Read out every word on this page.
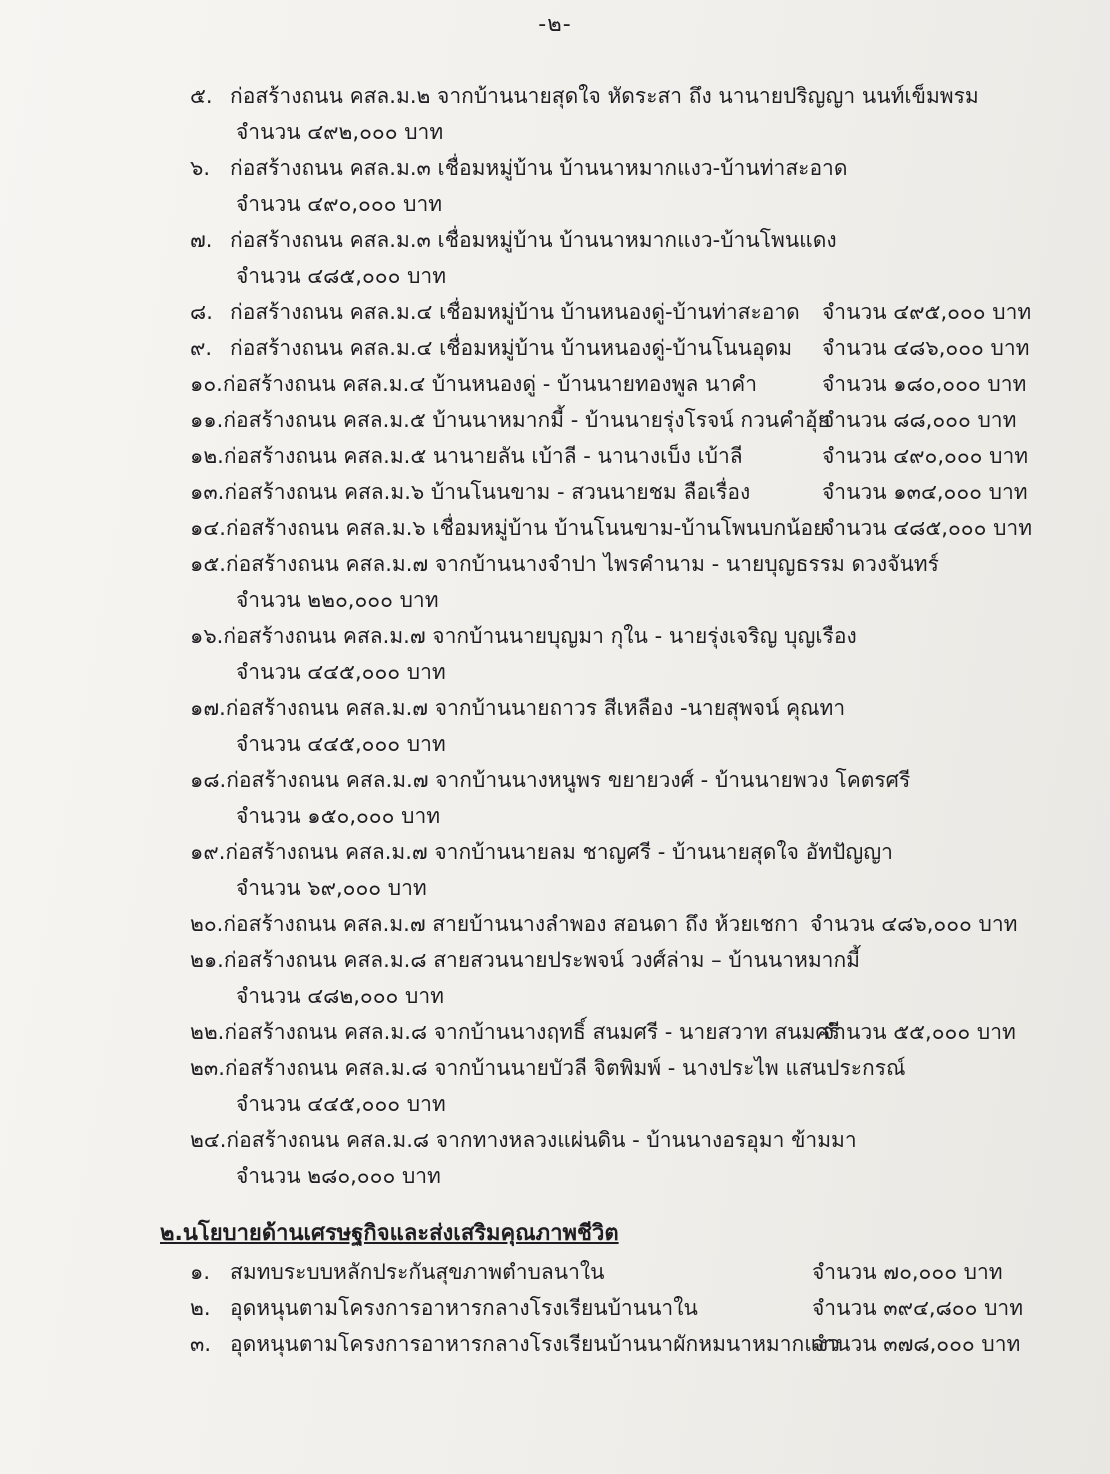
-๒-
๕. ก่อสร้างถนน คสล.ม.๒ จากบ้านนายสุดใจ หัดระสา ถึง นานายปริญญา นนท์เข็มพรม
จำนวน ๔๙๒,๐๐๐ บาท
๖. ก่อสร้างถนน คสล.ม.๓ เชื่อมหมู่บ้าน บ้านนาหมากแงว-บ้านท่าสะอาด
จำนวน ๔๙๐,๐๐๐ บาท
๗. ก่อสร้างถนน คสล.ม.๓ เชื่อมหมู่บ้าน บ้านนาหมากแงว-บ้านโพนแดง
จำนวน ๔๘๕,๐๐๐ บาท
๘. ก่อสร้างถนน คสล.ม.๔ เชื่อมหมู่บ้าน บ้านหนองดู่-บ้านท่าสะอาด จำนวน ๔๙๕,๐๐๐ บาท
๙. ก่อสร้างถนน คสล.ม.๔ เชื่อมหมู่บ้าน บ้านหนองดู่-บ้านโนนอุดม จำนวน ๔๘๖,๐๐๐ บาท
๑๐.ก่อสร้างถนน คสล.ม.๔ บ้านหนองดู่ - บ้านนายทองพูล นาคำ	จำนวน ๑๘๐,๐๐๐ บาท
๑๑.ก่อสร้างถนน คสล.ม.๕ บ้านนาหมากมี้ - บ้านนายรุ่งโรจน์ กวนคำอุ้ย
จำนวน ๘๘,๐๐๐ บาท
๑๒.ก่อสร้างถนน คสล.ม.๕ นานายลัน เบ้าลี - นานางเบ็ง เบ้าลี	จำนวน ๔๙๐,๐๐๐ บาท
๑๓.ก่อสร้างถนน คสล.ม.๖ บ้านโนนขาม - สวนนายชม ลือเรื่อง	จำนวน ๑๓๔,๐๐๐ บาท
๑๔.ก่อสร้างถนน คสล.ม.๖ เชื่อมหมู่บ้าน บ้านโนนขาม-บ้านโพนบกน้อย
จำนวน ๔๘๕,๐๐๐ บาท
๑๕.ก่อสร้างถนน คสล.ม.๗ จากบ้านนางจำปา ไพรคำนาม - นายบุญธรรม ดวงจันทร์
จำนวน ๒๒๐,๐๐๐ บาท
๑๖.ก่อสร้างถนน คสล.ม.๗ จากบ้านนายบุญมา กุใน - นายรุ่งเจริญ บุญเรือง
จำนวน ๔๔๕,๐๐๐ บาท
๑๗.ก่อสร้างถนน คสล.ม.๗ จากบ้านนายถาวร สีเหลือง -นายสุพจน์ คุณทา
จำนวน ๔๔๕,๐๐๐ บาท
๑๘.ก่อสร้างถนน คสล.ม.๗ จากบ้านนางหนูพร ขยายวงศ์ - บ้านนายพวง โคตรศรี
จำนวน ๑๕๐,๐๐๐ บาท
๑๙.ก่อสร้างถนน คสล.ม.๗ จากบ้านนายลม ชาญศรี - บ้านนายสุดใจ อัทปัญญา
จำนวน ๖๙,๐๐๐ บาท
๒๐.ก่อสร้างถนน คสล.ม.๗ สายบ้านนางลำพอง สอนดา ถึง ห้วยเชกา จำนวน ๔๘๖,๐๐๐ บาท
๒๑.ก่อสร้างถนน คสล.ม.๘ สายสวนนายประพจน์ วงศ์ล่าม – บ้านนาหมากมี้
จำนวน ๔๘๒,๐๐๐ บาท
๒๒.ก่อสร้างถนน คสล.ม.๘ จากบ้านนางฤทธิ์ สนมศรี - นายสวาท สนมศรี
จำนวน ๕๕,๐๐๐ บาท
๒๓.ก่อสร้างถนน คสล.ม.๘ จากบ้านนายบัวลี จิตพิมพ์ - นางประไพ แสนประกรณ์
จำนวน ๔๔๕,๐๐๐ บาท
๒๔.ก่อสร้างถนน คสล.ม.๘ จากทางหลวงแผ่นดิน - บ้านนางอรอุมา ข้ามมา
จำนวน ๒๘๐,๐๐๐ บาท
๒.นโยบายด้านเศรษฐกิจและส่งเสริมคุณภาพชีวิต
๑. สมทบระบบหลักประกันสุขภาพตำบลนาใน	จำนวน ๗๐,๐๐๐ บาท
๒. อุดหนุนตามโครงการอาหารกลางโรงเรียนบ้านนาใน	จำนวน ๓๙๔,๘๐๐ บาท
๓. อุดหนุนตามโครงการอาหารกลางโรงเรียนบ้านนาผักหมนาหมากแงว
จำนวน ๓๗๘,๐๐๐ บาท
